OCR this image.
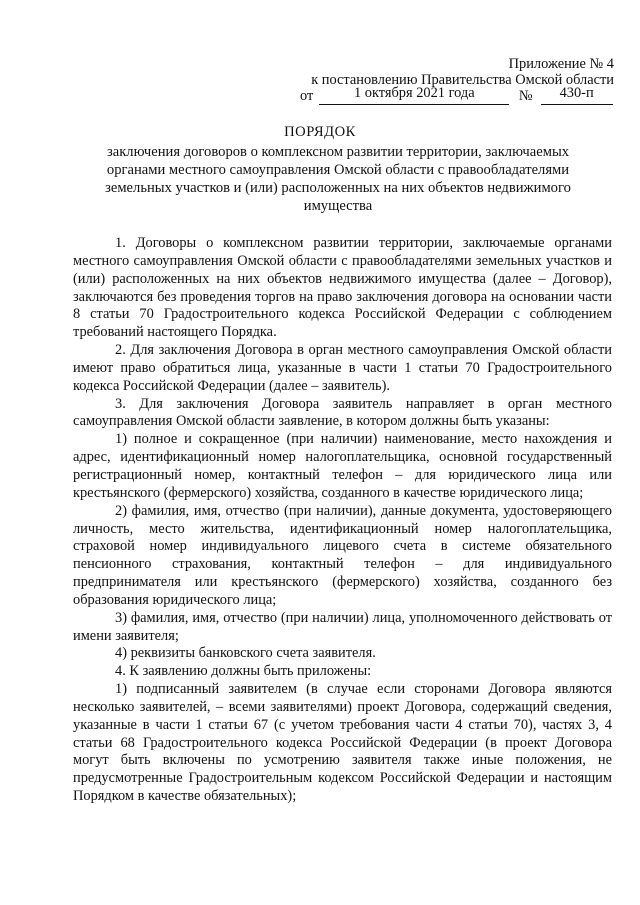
Приложение № 4
к постановлению Правительства Омской области
от	1 октября 2021 года	№ 430-п
ПОРЯДОК
заключения договоров о комплексном развитии территории, заключаемых органами местного самоуправления Омской области с правообладателями земельных участков и (или) расположенных на них объектов недвижимого имущества

1. Договоры о комплексном развитии территории, заключаемые органами местного самоуправления Омской области с правообладателями земельных участков и (или) расположенных на них объектов недвижимого имущества (далее – Договор), заключаются без проведения торгов на право заключения договора на основании части 8 статьи 70 Градостроительного кодекса Российской Федерации с соблюдением требований настоящего Порядка.

2. Для заключения Договора в орган местного самоуправления Омской области имеют право обратиться лица, указанные в части 1 статьи 70 Градостроительного кодекса Российской Федерации (далее – заявитель).

3. Для заключения Договора заявитель направляет в орган местного самоуправления Омской области заявление, в котором должны быть указаны:

1) полное и сокращенное (при наличии) наименование, место нахождения и адрес, идентификационный номер налогоплательщика, основной государственный регистрационный номер, контактный телефон – для юридического лица или крестьянского (фермерского) хозяйства, созданного в качестве юридического лица;

2) фамилия, имя, отчество (при наличии), данные документа, удостоверяющего личность, место жительства, идентификационный номер налогоплательщика, страховой номер индивидуального лицевого счета в системе обязательного пенсионного страхования, контактный телефон – для индивидуального предпринимателя или крестьянского (фермерского) хозяйства, созданного без образования юридического лица;

3) фамилия, имя, отчество (при наличии) лица, уполномоченного действовать от имени заявителя;

4) реквизиты банковского счета заявителя.

4. К заявлению должны быть приложены:

1) подписанный заявителем (в случае если сторонами Договора являются несколько заявителей, – всеми заявителями) проект Договора, содержащий сведения, указанные в части 1 статьи 67 (с учетом требования части 4 статьи 70), частях 3, 4 статьи 68 Градостроительного кодекса Российской Федерации (в проект Договора могут быть включены по усмотрению заявителя также иные положения, не предусмотренные Градостроительным кодексом Российской Федерации и настоящим Порядком в качестве обязательных);
